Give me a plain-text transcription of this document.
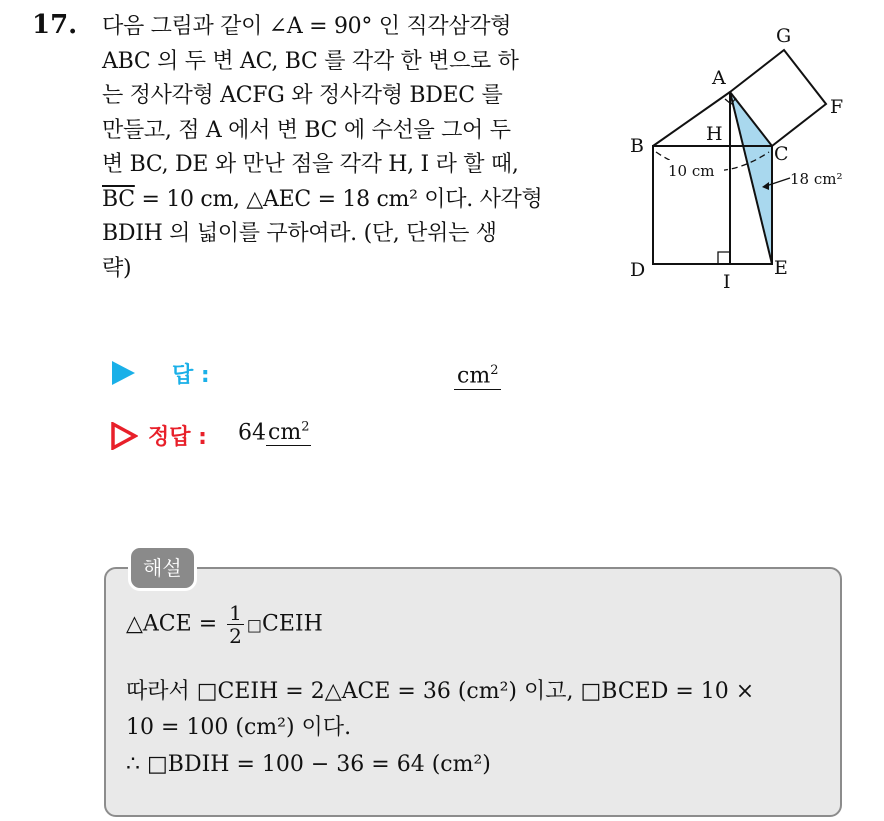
17. 다음 그림과 같이 ∠A = 90° 인 직각삼각형
ABC 의 두 변 AC, BC 를 각각 한 변으로 하
는 정사각형 ACFG 와 정사각형 BDEC 를
만들고, 점 A 에서 변 BC 에 수선을 그어 두
변 BC, DE 와 만난 점을 각각 H, I 라 할 때,
$\overline{BC} = 10$ cm, △AEC = 18 cm² 이다. 사각형
BDIH 의 넓이를 구하여라. (단, 단위는 생
략)
A
B	C
D	E
F
G
H
I
10 cm	18 cm²
답 :	$cm^2$
정답 : $64cm^2$
해설
△ACE = $\frac{1}{2}$ □CEIH
따라서 □CEIH = 2△ACE = 36 (cm²) 이고, □BCED = 10 ×
10 = 100 (cm²) 이다.
∴ □BDIH = 100 − 36 = 64 (cm²)
